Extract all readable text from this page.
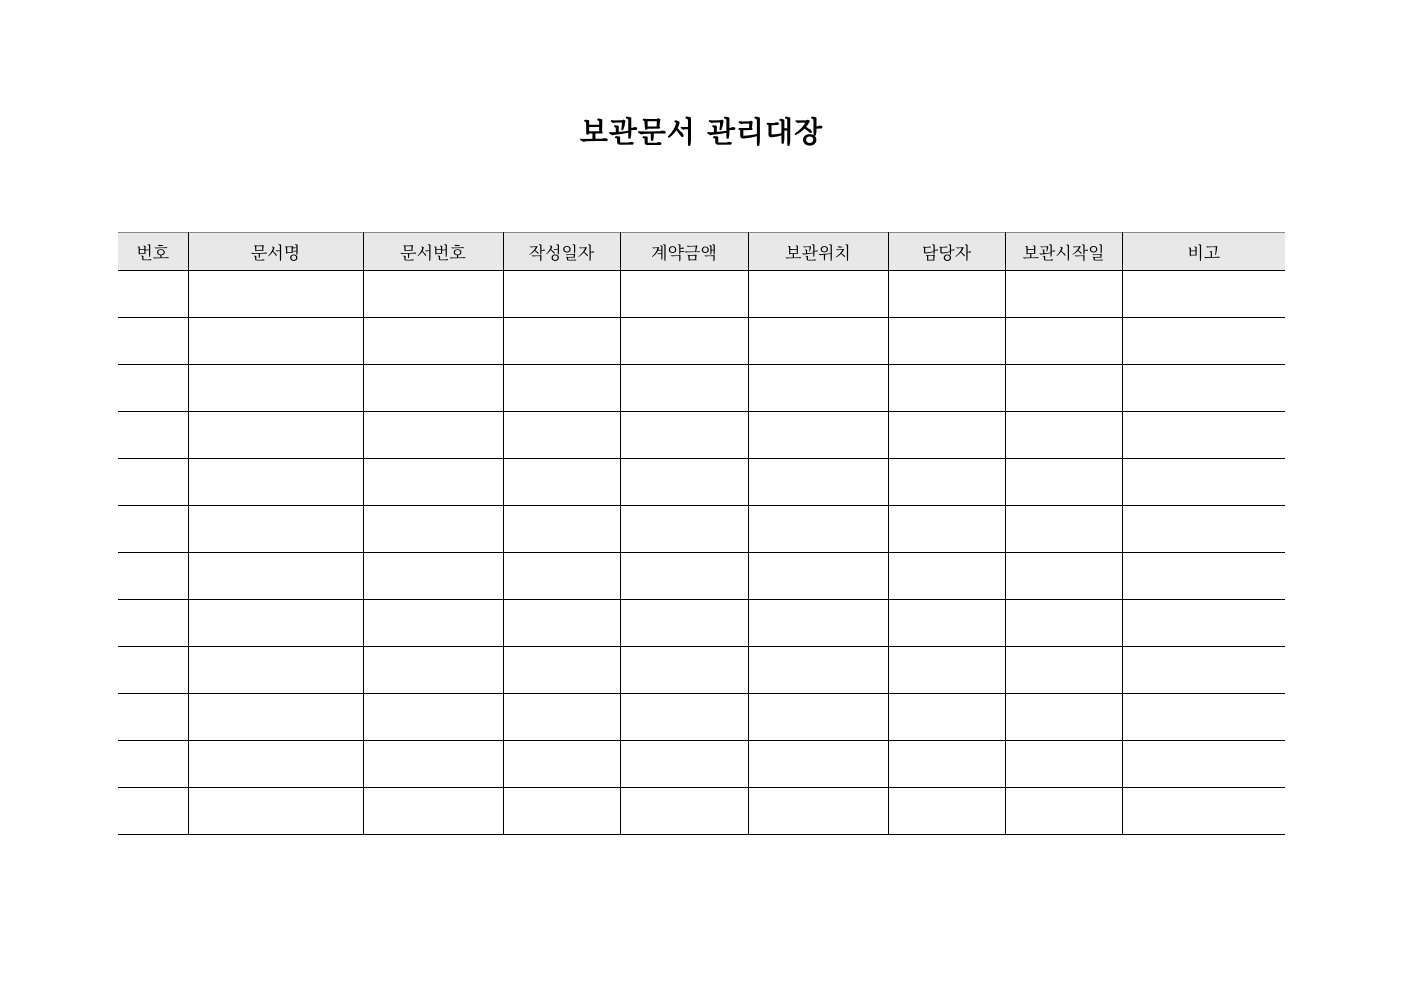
보관문서 관리대장
번호	문서명	문서번호	작성일자	계약금액	보관위치	담당자	보관시작일	비고
